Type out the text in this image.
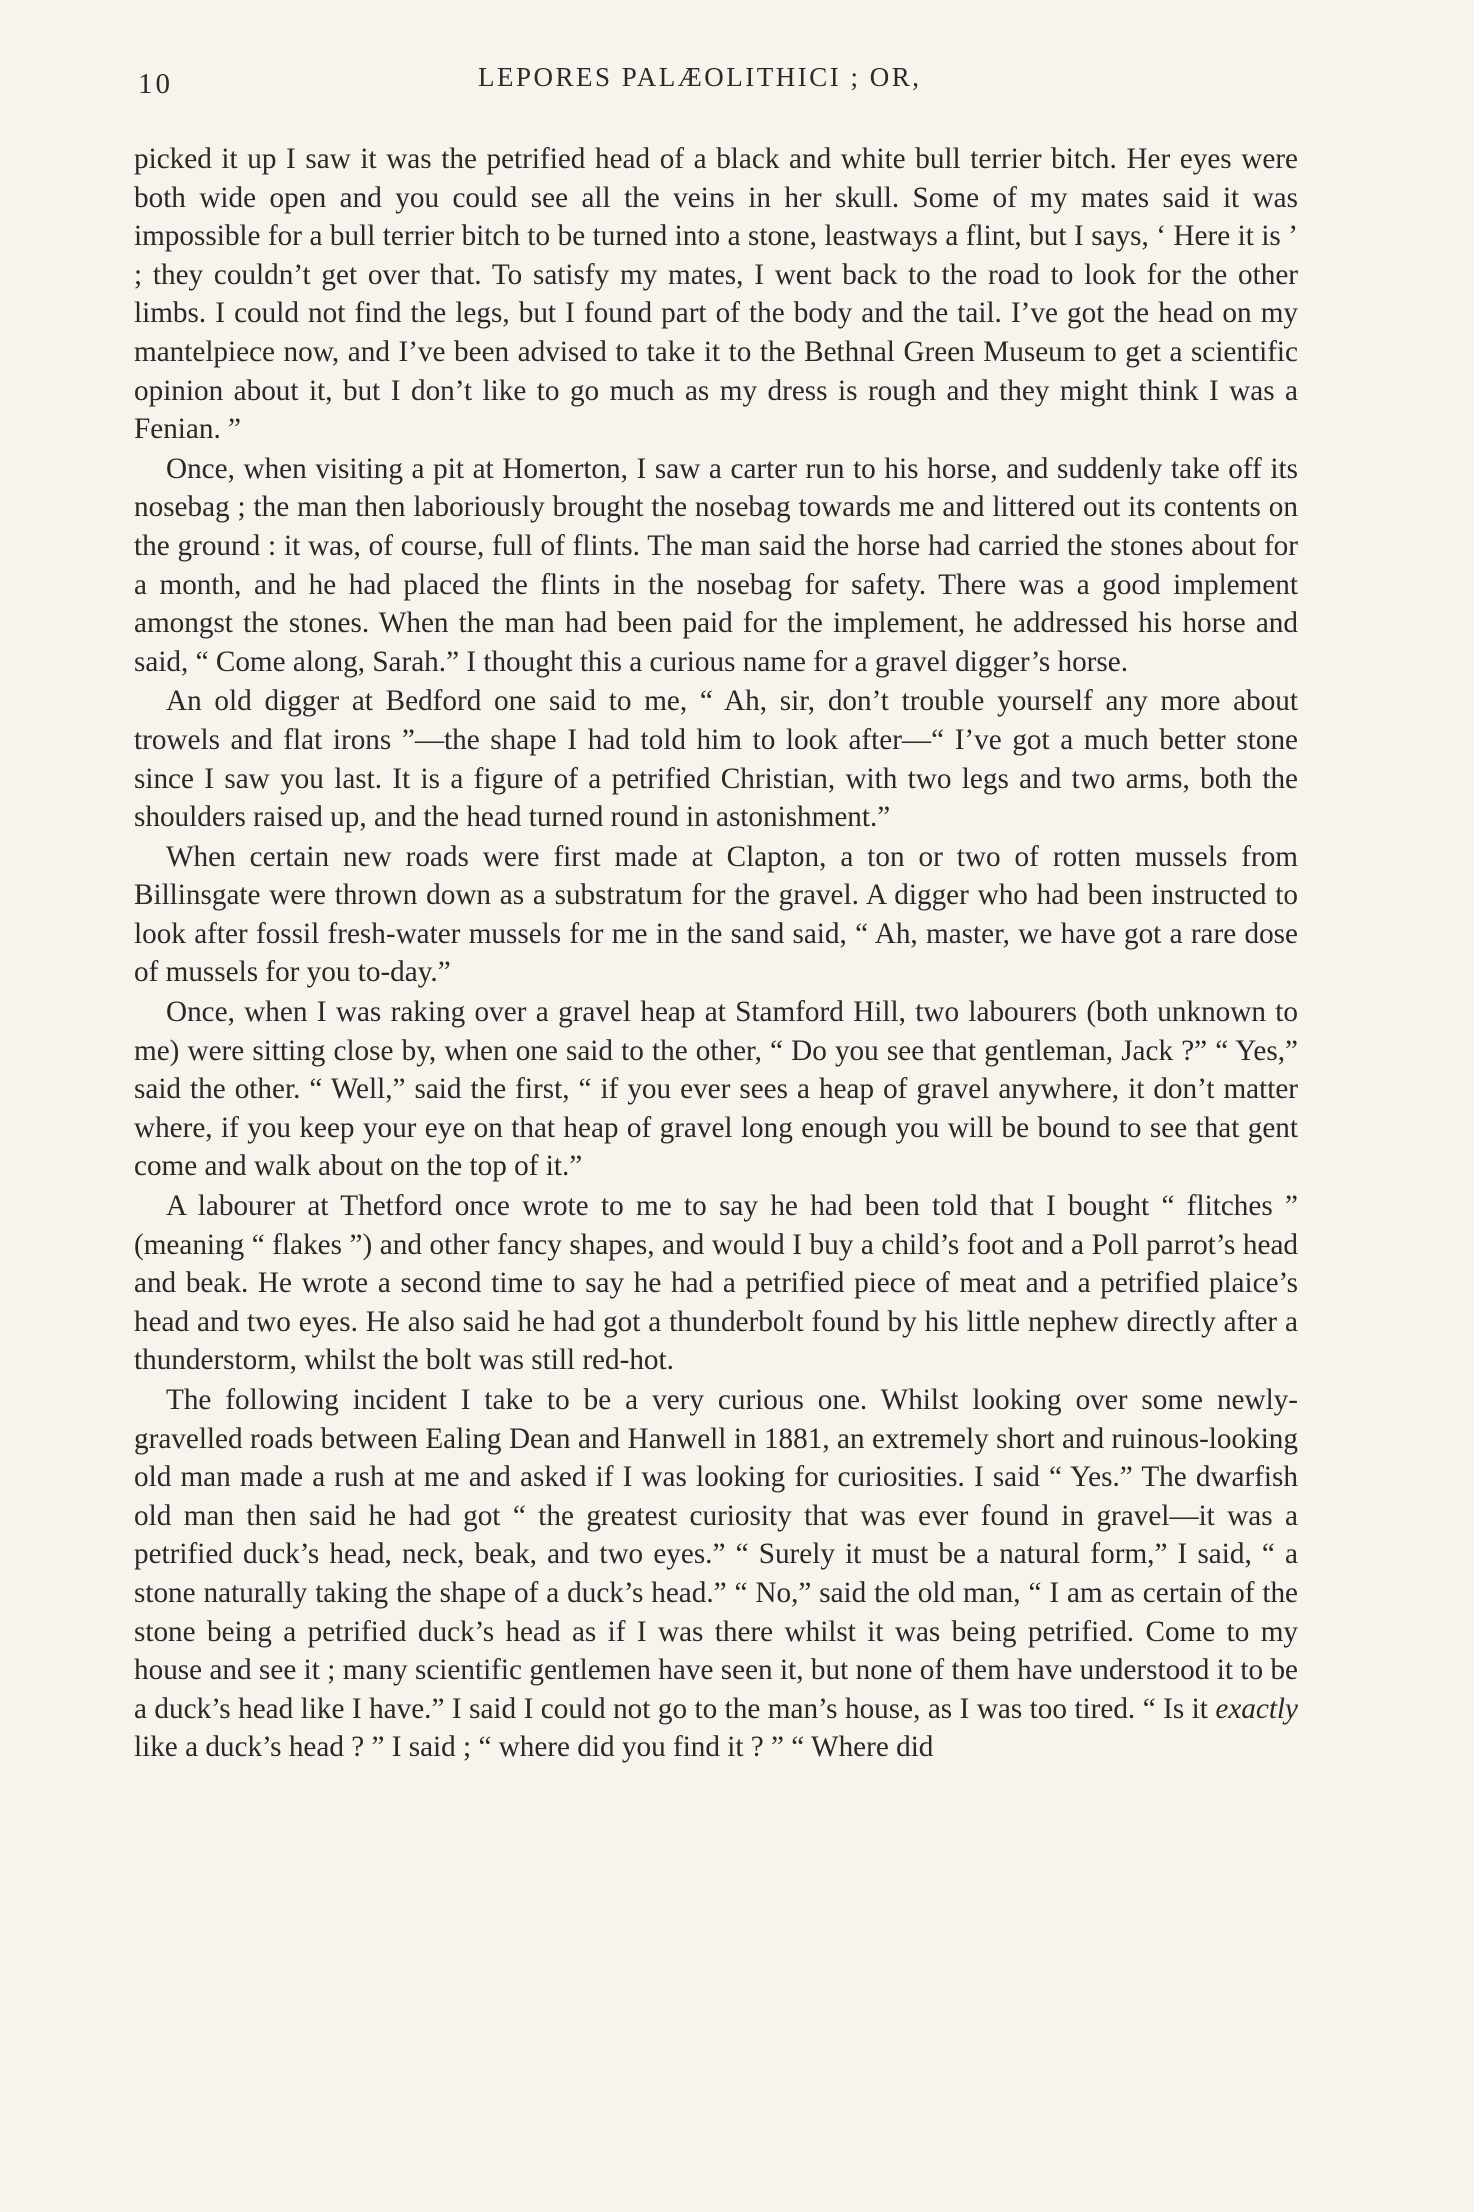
10	LEPORES PALÆOLITHICI ; OR,

picked it up I saw it was the petrified head of a black and white bull terrier bitch. Her eyes were both wide open and you could see all the veins in her skull. Some of my mates said it was impossible for a bull terrier bitch to be turned into a stone, leastways a flint, but I says, ‘ Here it is ’ ; they couldn’t get over that. To satisfy my mates, I went back to the road to look for the other limbs. I could not find the legs, but I found part of the body and the tail. I’ve got the head on my mantelpiece now, and I’ve been advised to take it to the Bethnal Green Museum to get a scientific opinion about it, but I don’t like to go much as my dress is rough and they might think I was a Fenian. ”

Once, when visiting a pit at Homerton, I saw a carter run to his horse, and suddenly take off its nosebag ; the man then laboriously brought the nosebag towards me and littered out its contents on the ground : it was, of course, full of flints. The man said the horse had carried the stones about for a month, and he had placed the flints in the nosebag for safety. There was a good implement amongst the stones. When the man had been paid for the implement, he addressed his horse and said, “ Come along, Sarah.” I thought this a curious name for a gravel digger’s horse.

An old digger at Bedford one said to me, “ Ah, sir, don’t trouble yourself any more about trowels and flat irons ”—the shape I had told him to look after—“ I’ve got a much better stone since I saw you last. It is a figure of a petrified Christian, with two legs and two arms, both the shoulders raised up, and the head turned round in astonishment.”

When certain new roads were first made at Clapton, a ton or two of rotten mussels from Billinsgate were thrown down as a substratum for the gravel. A digger who had been instructed to look after fossil fresh-water mussels for me in the sand said, “ Ah, master, we have got a rare dose of mussels for you to-day.”

Once, when I was raking over a gravel heap at Stamford Hill, two labourers (both unknown to me) were sitting close by, when one said to the other, “ Do you see that gentleman, Jack ?” “ Yes,” said the other. “ Well,” said the first, “ if you ever sees a heap of gravel anywhere, it don’t matter where, if you keep your eye on that heap of gravel long enough you will be bound to see that gent come and walk about on the top of it.”

A labourer at Thetford once wrote to me to say he had been told that I bought “ flitches ” (meaning “ flakes ”) and other fancy shapes, and would I buy a child’s foot and a Poll parrot’s head and beak. He wrote a second time to say he had a petrified piece of meat and a petrified plaice’s head and two eyes. He also said he had got a thunderbolt found by his little nephew directly after a thunderstorm, whilst the bolt was still red-hot.

The following incident I take to be a very curious one. Whilst looking over some newly-gravelled roads between Ealing Dean and Hanwell in 1881, an extremely short and ruinous-looking old man made a rush at me and asked if I was looking for curiosities. I said “ Yes.” The dwarfish old man then said he had got “ the greatest curiosity that was ever found in gravel—it was a petrified duck’s head, neck, beak, and two eyes.” “ Surely it must be a natural form,” I said, “ a stone naturally taking the shape of a duck’s head.” “ No,” said the old man, “ I am as certain of the stone being a petrified duck’s head as if I was there whilst it was being petrified. Come to my house and see it ; many scientific gentlemen have seen it, but none of them have understood it to be a duck’s head like I have.” I said I could not go to the man’s house, as I was too tired. “ Is it exactly like a duck’s head ? ” I said ; “ where did you find it ? ” “ Where did
